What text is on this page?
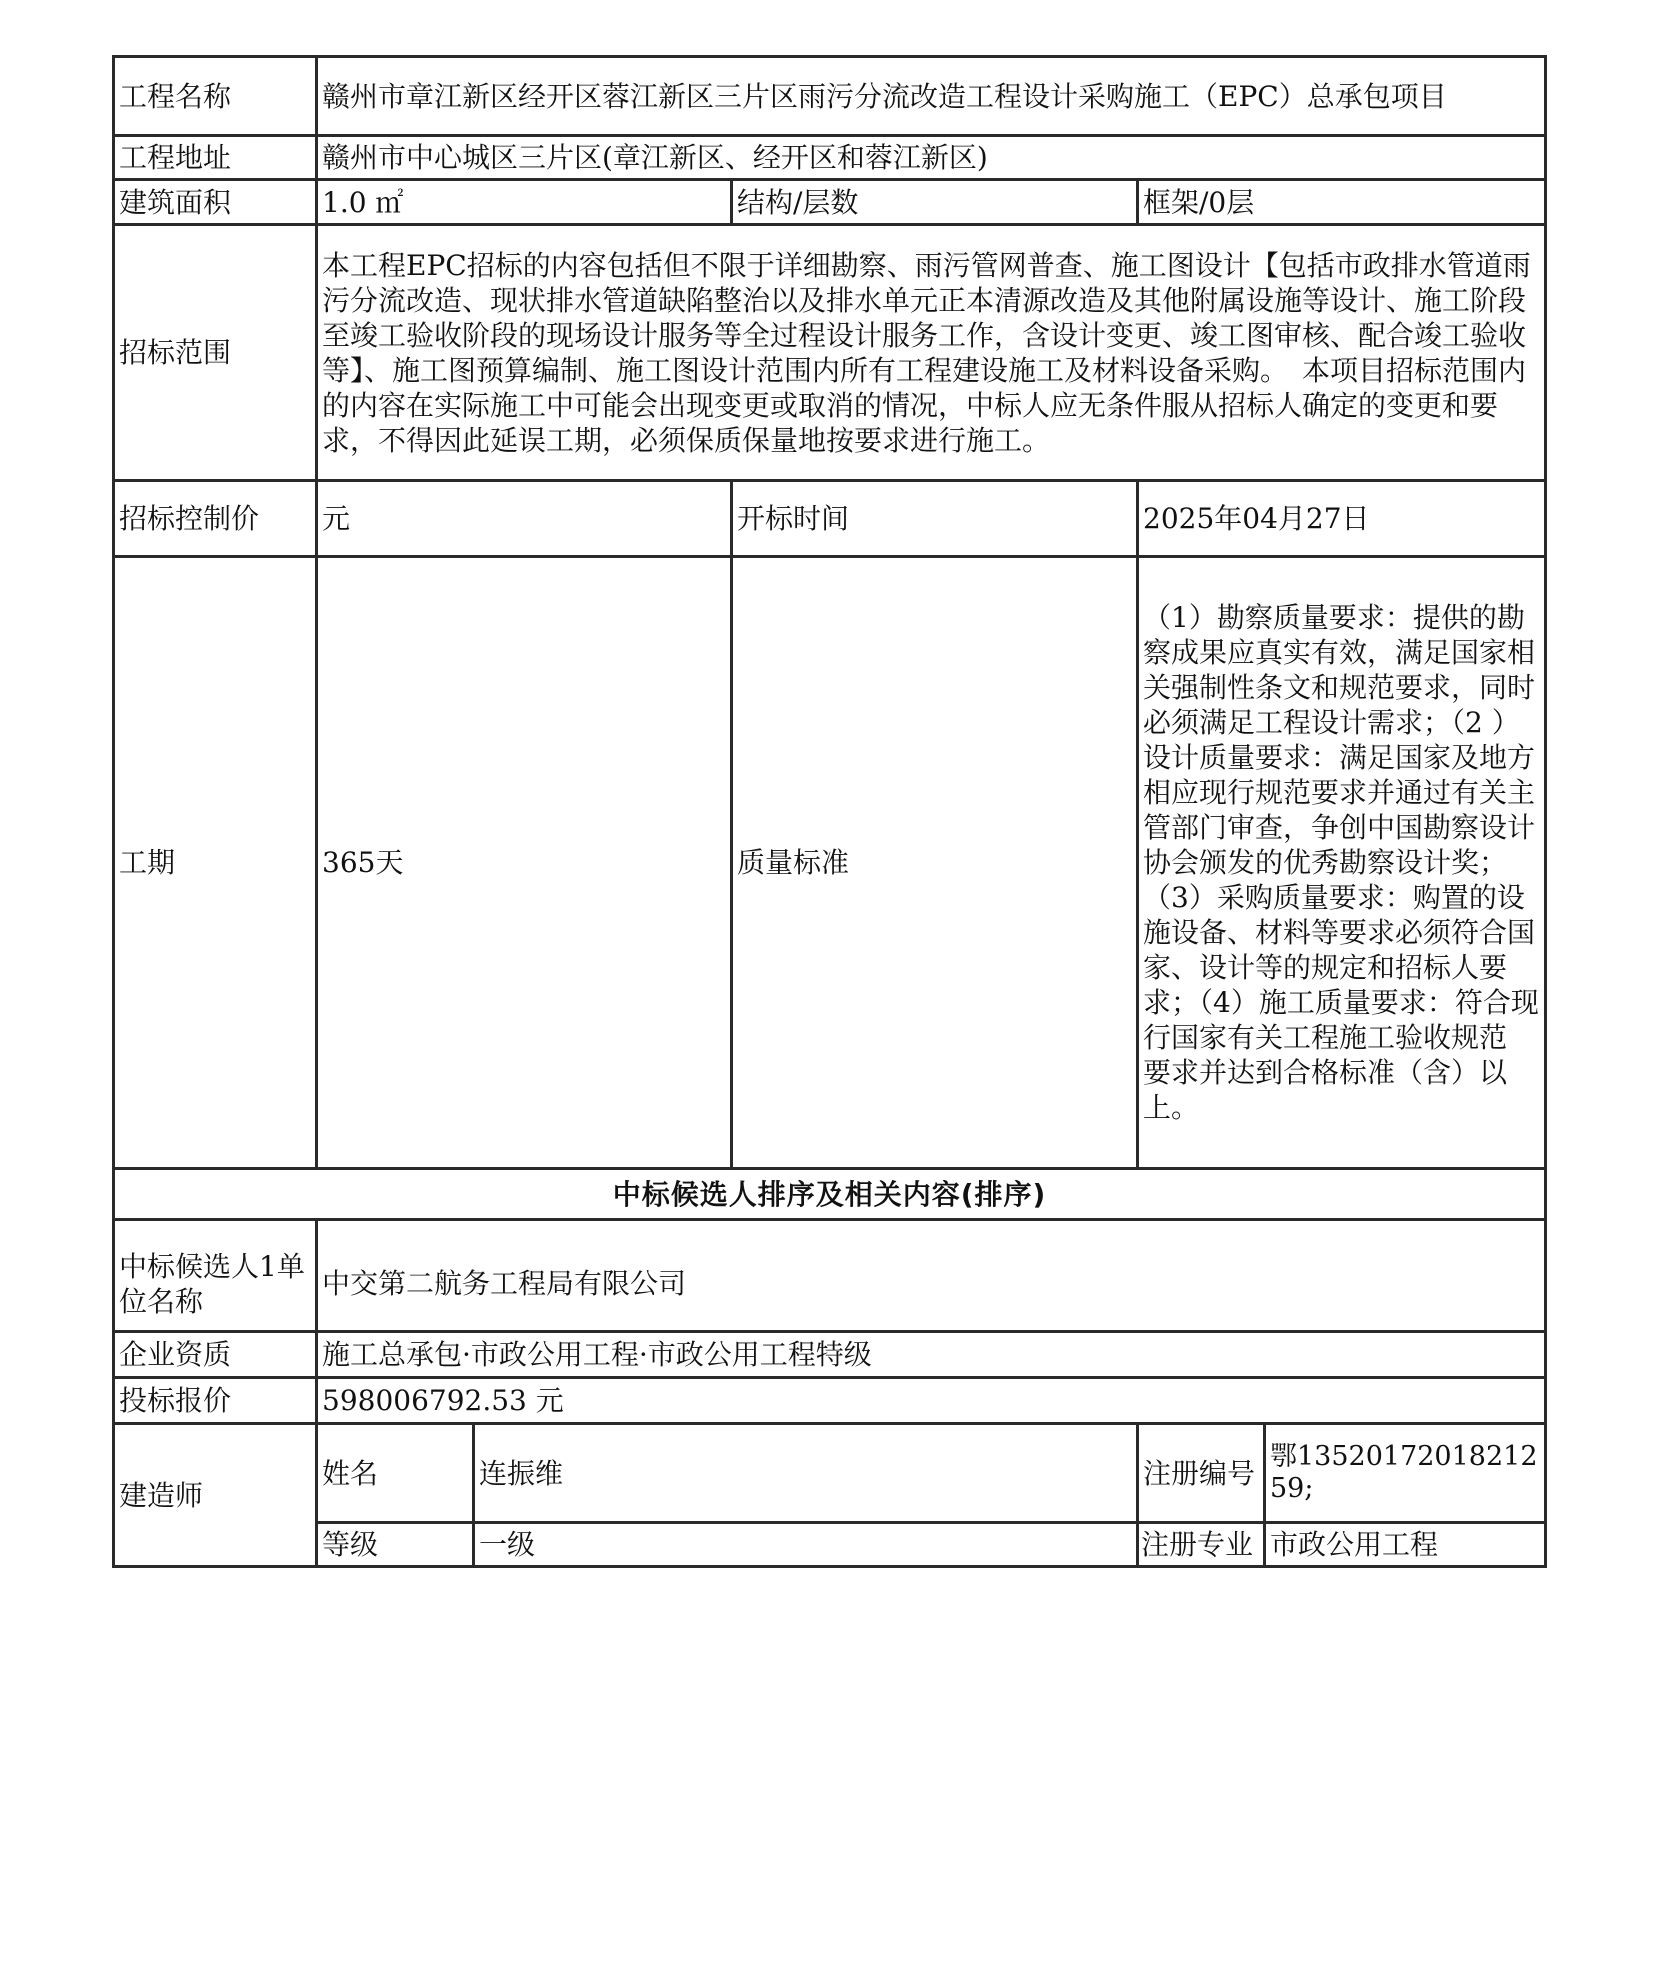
工程名称	赣州市章江新区经开区蓉江新区三片区雨污分流改造工程设计采购施工（EPC）总承包项目				
工程地址	赣州市中心城区三片区(章江新区、经开区和蓉江新区)				
建筑面积	1.0 ㎡		结构/层数	框架/0层	
招标范围	本工程EPC招标的内容包括但不限于详细勘察、雨污管网普查、施工图设计【包括市政排水管道雨污分流改造、现状排水管道缺陷整治以及排水单元正本清源改造及其他附属设施等设计、施工阶段至竣工验收阶段的现场设计服务等全过程设计服务工作，含设计变更、竣工图审核、配合竣工验收等】、施工图预算编制、施工图设计范围内所有工程建设施工及材料设备采购。　本项目招标范围内的内容在实际施工中可能会出现变更或取消的情况，中标人应无条件服从招标人确定的变更和要求，不得因此延误工期，必须保质保量地按要求进行施工。				
招标控制价	元		开标时间	2025年04月27日	
工期	365天		质量标准	（1）勘察质量要求：提供的勘察成果应真实有效，满足国家相 关强制性条文和规范要求，同时必须满足工程设计需求；（2 ）设计质量要求：满足国家及地方相应现行规范要求并通过有关主管部门审查，争创中国勘察设计 协会颁发的优秀勘察设计奖；（3）采购质量要求：购置的设施设备、材料等要求必须符合国家、设计等的规定和招标人要求；（4）施工质量要求：符合现行国家有关工程施工验收规范 要求并达到合格标准（含）以上。	
中标候选人排序及相关内容(排序)					

中标候选人1单位名称	中交第二航务工程局有限公司				

企业资质	施工总承包·市政公用工程·市政公用工程特级				
投标报价	598006792.53 元				
建造师	姓名	连振维		注册编号	鄂1352017201821259;
	等级	一级		注册专业	市政公用工程
